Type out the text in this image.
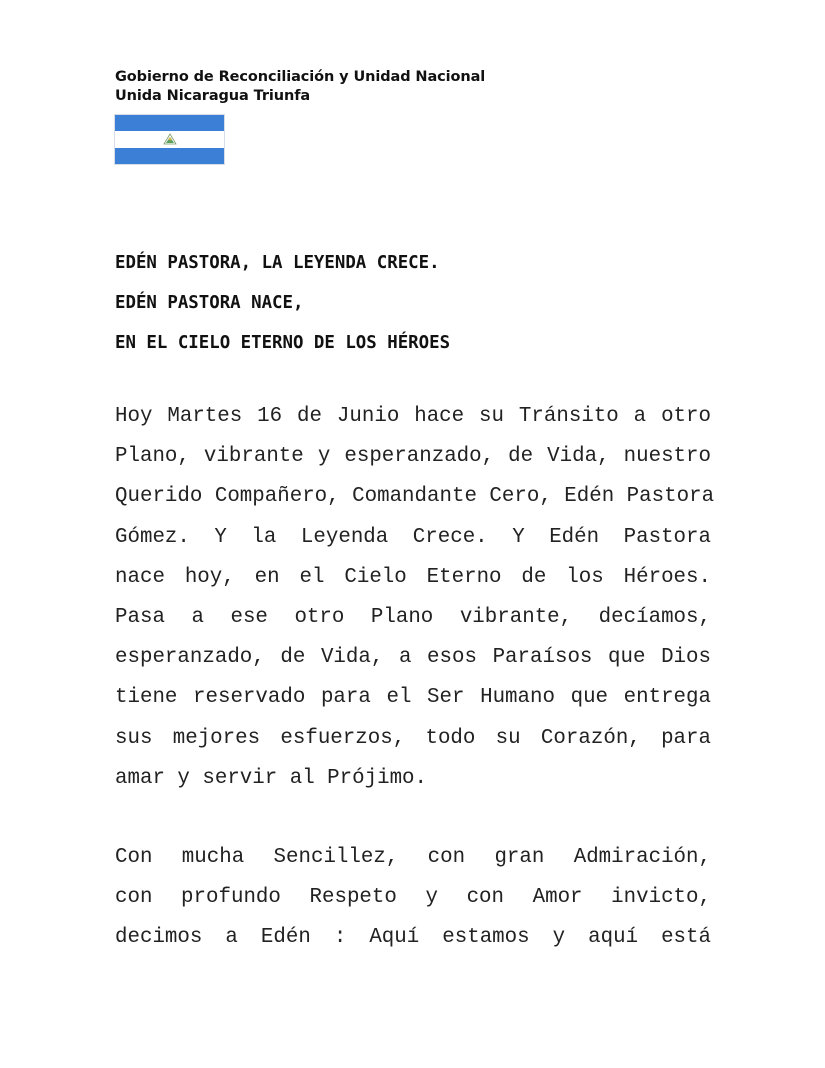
Gobierno de Reconciliación y Unidad Nacional
Unida Nicaragua Triunfa
EDÉN PASTORA, LA LEYENDA CRECE.
EDÉN PASTORA NACE,
EN EL CIELO ETERNO DE LOS HÉROES
Hoy Martes 16 de Junio hace su Tránsito a otro
Plano, vibrante y esperanzado, de Vida, nuestro
Querido Compañero, Comandante Cero, Edén Pastora
Gómez. Y la Leyenda Crece. Y Edén Pastora
nace hoy, en el Cielo Eterno de los Héroes.
Pasa a ese otro Plano vibrante, decíamos,
esperanzado, de Vida, a esos Paraísos que Dios
tiene reservado para el Ser Humano que entrega
sus mejores esfuerzos, todo su Corazón, para
amar y servir al Prójimo.
Con mucha Sencillez, con gran Admiración,
con profundo Respeto y con Amor invicto,
decimos a Edén : Aquí estamos y aquí está
